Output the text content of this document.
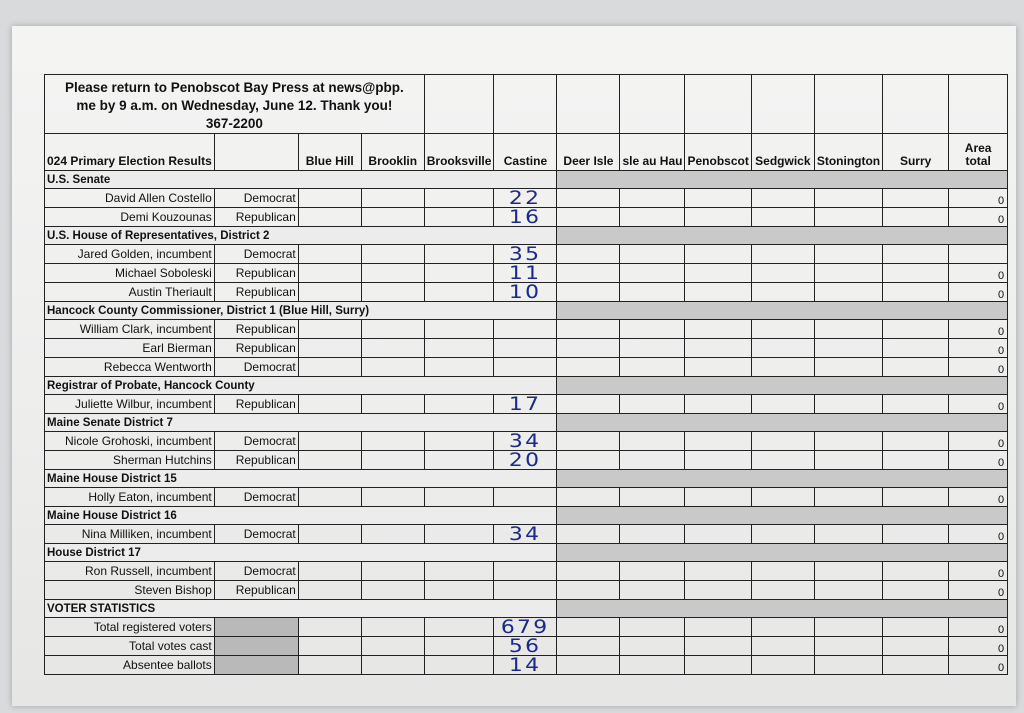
Please return to Penobscot Bay Press at news@pbp.
me by 9 a.m. on Wednesday, June 12. Thank you!
367-2200												

024 Primary Election Results		Blue Hill	Brooklin	Brooksville	Castine	Deer Isle	sle au Hau	Penobscot	Sedgwick	Stonington	Surry	Area
total

U.S. Senate												
David Allen Costello	Democrat				22							0
Demi Kouzounas	Republican				16							0
U.S. House of Representatives, District 2												
Jared Golden, incumbent	Democrat				35							
Michael Soboleski	Republican				11							0
Austin Theriault	Republican				10							0
Hancock County Commissioner, District 1 (Blue Hill, Surry)												
William Clark, incumbent	Republican											0
Earl Bierman	Republican											0
Rebecca Wentworth	Democrat											0
Registrar of Probate, Hancock County												
Juliette Wilbur, incumbent	Republican				17							0
Maine Senate District 7												
Nicole Grohoski, incumbent	Democrat				34							0
Sherman Hutchins	Republican				20							0
Maine House District 15												
Holly Eaton, incumbent	Democrat											0
Maine House District 16												
Nina Milliken, incumbent	Democrat				34							0
House District 17												
Ron Russell, incumbent	Democrat											0
Steven Bishop	Republican											0
VOTER STATISTICS												
Total registered voters					679							0
Total votes cast					56							0
Absentee ballots					14							0
